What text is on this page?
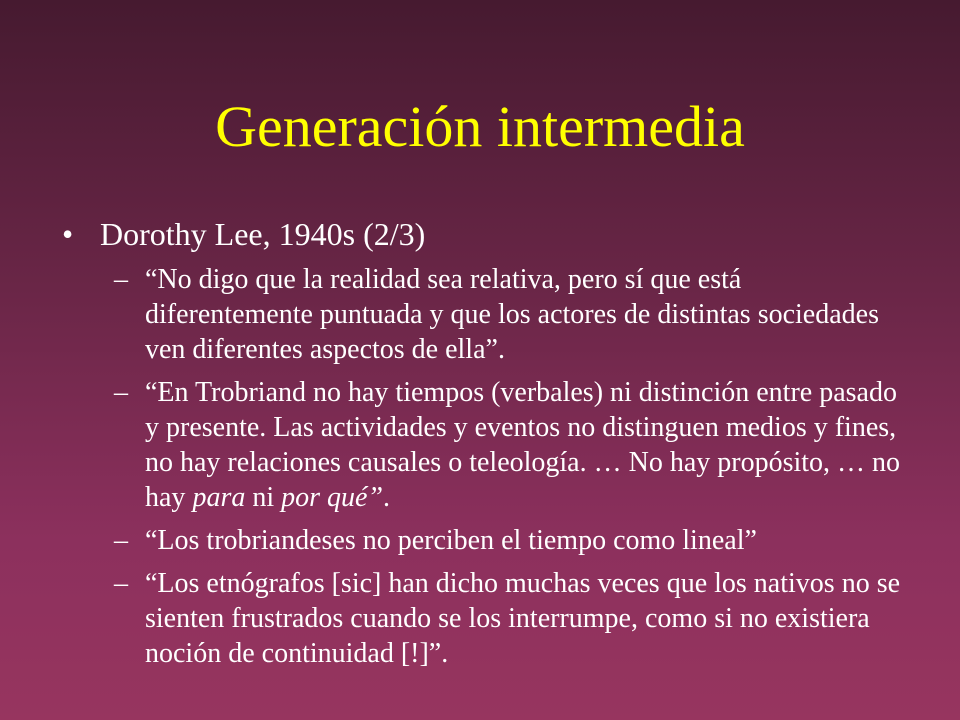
Generación intermedia
• Dorothy Lee, 1940s (2/3)
– “No digo que la realidad sea relativa, pero sí que está diferentemente puntuada y que los actores de distintas sociedades ven diferentes aspectos de ella”.
– “En Trobriand no hay tiempos (verbales) ni distinción entre pasado y presente. Las actividades y eventos no distinguen medios y fines, no hay relaciones causales o teleología. … No hay propósito, … no hay para ni por qué”.
– “Los trobriandeses no perciben el tiempo como lineal”
– “Los etnógrafos [sic] han dicho muchas veces que los nativos no se sienten frustrados cuando se los interrumpe, como si no existiera noción de continuidad [!]”.
